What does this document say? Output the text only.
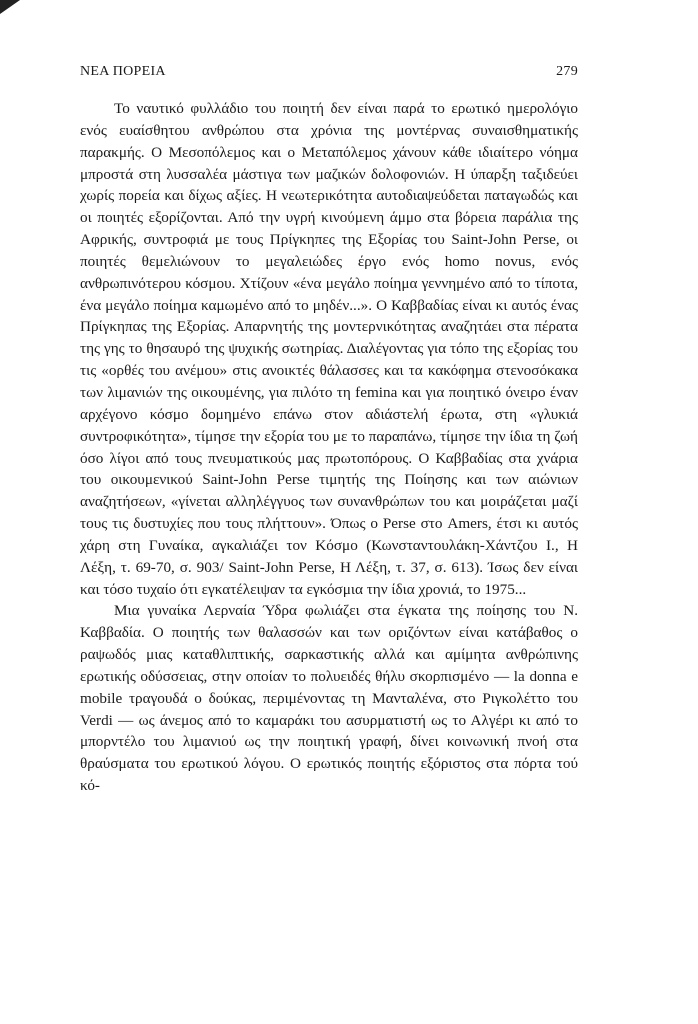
ΝΕΑ ΠΟΡΕΙΑ	279

Το ναυτικό φυλλάδιο του ποιητή δεν είναι παρά το ερωτικό ημερολόγιο ενός ευαίσθητου ανθρώπου στα χρόνια της μοντέρνας συναισθηματικής παρακμής. Ο Μεσοπόλεμος και ο Μεταπόλεμος χάνουν κάθε ιδιαίτερο νόημα μπροστά στη λυσσαλέα μάστιγα των μαζικών δολοφονιών. Η ύπαρξη ταξιδεύει χωρίς πορεία και δίχως αξίες. Η νεωτερικότητα αυτοδιαψεύδεται παταγωδώς και οι ποιητές εξορίζονται. Από την υγρή κινούμενη άμμο στα βόρεια παράλια της Αφρικής, συντροφιά με τους Πρίγκηπες της Εξορίας του Saint-John Perse, οι ποιητές θεμελιώνουν το μεγαλειώδες έργο ενός homo novus, ενός ανθρωπινότερου κόσμου. Χτίζουν «ένα μεγάλο ποίημα γεννημένο από το τίποτα, ένα μεγάλο ποίημα καμωμένο από το μηδέν...». Ο Καββαδίας είναι κι αυτός ένας Πρίγκηπας της Εξορίας. Απαρνητής της μοντερνικότητας αναζητάει στα πέρατα της γης το θησαυρό της ψυχικής σωτηρίας. Διαλέγοντας για τόπο της εξορίας του τις «ορθές του ανέμου» στις ανοικτές θάλασσες και τα κακόφημα στενοσόκακα των λιμανιών της οικουμένης, για πιλότο τη femina και για ποιητικό όνειρο έναν αρχέγονο κόσμο δομημένο επάνω στον αδιάστελή έρωτα, στη «γλυκιά συντροφικότητα», τίμησε την εξορία του με το παραπάνω, τίμησε την ίδια τη ζωή όσο λίγοι από τους πνευματικούς μας πρωτοπόρους. Ο Καββαδίας στα χνάρια του οικουμενικού Saint-John Perse τιμητής της Ποίησης και των αιώνιων αναζητήσεων, «γίνεται αλληλέγγυος των συνανθρώπων του και μοιράζεται μαζί τους τις δυστυχίες που τους πλήττουν». Όπως ο Perse στο Amers, έτσι κι αυτός χάρη στη Γυναίκα, αγκαλιάζει τον Κόσμο (Κωνσταντουλάκη-Χάντζου Ι., Η Λέξη, τ. 69-70, σ. 903/ Saint-John Perse, Η Λέξη, τ. 37, σ. 613). Ίσως δεν είναι και τόσο τυχαίο ότι εγκατέλειψαν τα εγκόσμια την ίδια χρονιά, το 1975...

Μια γυναίκα Λερναία Ύδρα φωλιάζει στα έγκατα της ποίησης του Ν. Καββαδία. Ο ποιητής των θαλασσών και των οριζόντων είναι κατάβαθος ο ραψωδός μιας καταθλιπτικής, σαρκαστικής αλλά και αμίμητα ανθρώπινης ερωτικής οδύσσειας, στην οποίαν το πολυειδές θήλυ σκορπισμένο — la donna e mobile τραγουδά ο δούκας, περιμένοντας τη Μανταλένα, στο Ριγκολέττο του Verdi — ως άνεμος από το καμαράκι του ασυρματιστή ως το Αλγέρι κι από το μπορντέλο του λιμανιού ως την ποιητική γραφή, δίνει κοινωνική πνοή στα θραύσματα του ερωτικού λόγου. Ο ερωτικός ποιητής εξόριστος στα πόρτα τού κό-
